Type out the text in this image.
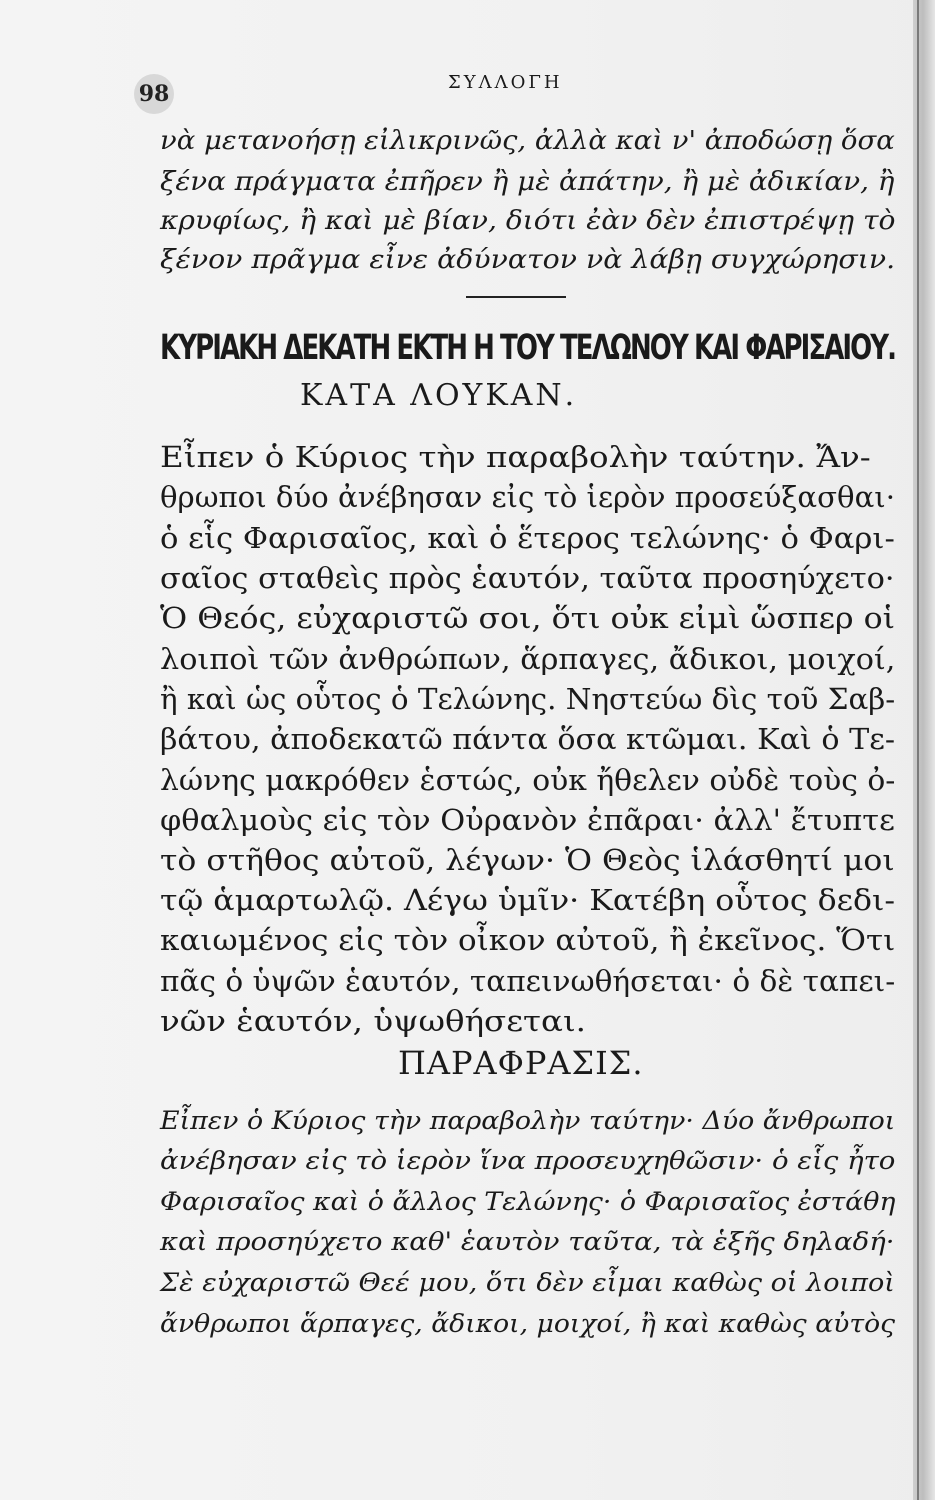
98	ΣΥΛΛΟΓΗ
νὰ μετανοήσῃ εἰλικρινῶς, ἀλλὰ καὶ ν' ἀποδώσῃ ὅσα
ξένα πράγματα ἐπῆρεν ἢ μὲ ἀπάτην, ἢ μὲ ἀδικίαν, ἢ
κρυφίως, ἢ καὶ μὲ βίαν, διότι ἐὰν δὲν ἐπιστρέψῃ τὸ
ξένον πρᾶγμα εἶνε ἀδύνατον νὰ λάβῃ συγχώρησιν.
ΚΥΡΙΑΚΗ ΔΕΚΑΤΗ ΕΚΤΗ Η ΤΟΥ ΤΕΛΩΝΟΥ ΚΑΙ ΦΑΡΙΣΑΙΟΥ.
ΚΑΤΑ ΛΟΥΚΑΝ.
Εἶπεν ὁ Κύριος τὴν παραβολὴν ταύτην. Ἄν-
θρωποι δύο ἀνέβησαν εἰς τὸ ἱερὸν προσεύξασθαι·
ὁ εἷς Φαρισαῖος, καὶ ὁ ἕτερος τελώνης· ὁ Φαρι-
σαῖος σταθεὶς πρὸς ἑαυτόν, ταῦτα προσηύχετο·
Ὁ Θεός, εὐχαριστῶ σοι, ὅτι οὐκ εἰμὶ ὥσπερ οἱ
λοιποὶ τῶν ἀνθρώπων, ἅρπαγες, ἄδικοι, μοιχοί,
ἢ καὶ ὡς οὗτος ὁ Τελώνης. Νηστεύω δὶς τοῦ Σαβ-
βάτου, ἀποδεκατῶ πάντα ὅσα κτῶμαι. Καὶ ὁ Τε-
λώνης μακρόθεν ἑστώς, οὐκ ἤθελεν οὐδὲ τοὺς ὀ-
φθαλμοὺς εἰς τὸν Οὐρανὸν ἐπᾶραι· ἀλλ' ἔτυπτε
τὸ στῆθος αὐτοῦ, λέγων· Ὁ Θεὸς ἱλάσθητί μοι
τῷ ἁμαρτωλῷ. Λέγω ὑμῖν· Κατέβη οὗτος δεδι-
καιωμένος εἰς τὸν οἶκον αὐτοῦ, ἢ ἐκεῖνος. Ὅτι
πᾶς ὁ ὑψῶν ἑαυτόν, ταπεινωθήσεται· ὁ δὲ ταπει-
νῶν ἑαυτόν, ὑψωθήσεται.
ΠΑΡΑΦΡΑΣΙΣ.
Εἶπεν ὁ Κύριος τὴν παραβολὴν ταύτην· Δύο ἄνθρωποι
ἀνέβησαν εἰς τὸ ἱερὸν ἵνα προσευχηθῶσιν· ὁ εἷς ἦτο
Φαρισαῖος καὶ ὁ ἄλλος Τελώνης· ὁ Φαρισαῖος ἐστάθη
καὶ προσηύχετο καθ' ἑαυτὸν ταῦτα, τὰ ἑξῆς δηλαδή·
Σὲ εὐχαριστῶ Θεέ μου, ὅτι δὲν εἶμαι καθὼς οἱ λοιποὶ
ἄνθρωποι ἅρπαγες, ἄδικοι, μοιχοί, ἢ καὶ καθὼς αὐτὸς
